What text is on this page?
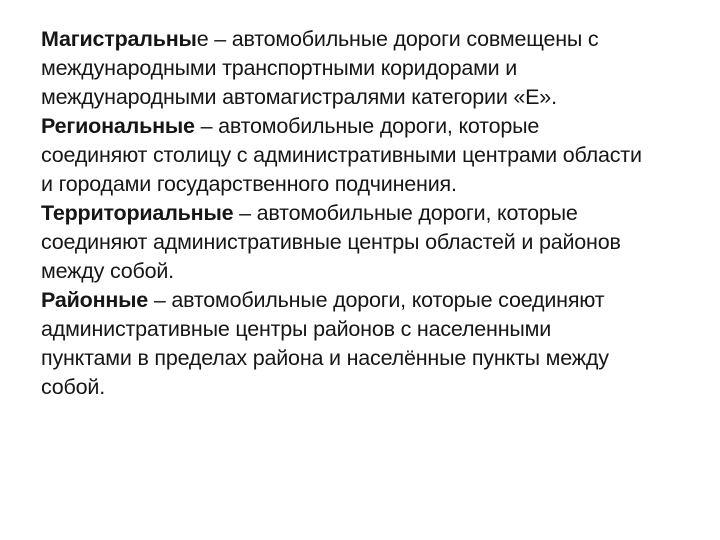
Магистральные – автомобильные дороги совмещены с
международными транспортными коридорами и
международными автомагистралями категории «Е».
Региональные – автомобильные дороги, которые
соединяют столицу с административными центрами области
и городами государственного подчинения.
Территориальные – автомобильные дороги, которые
соединяют административные центры областей и районов
между собой.
Районные – автомобильные дороги, которые соединяют
административные центры районов с населенными
пунктами в пределах района и населённые пункты между
собой.
